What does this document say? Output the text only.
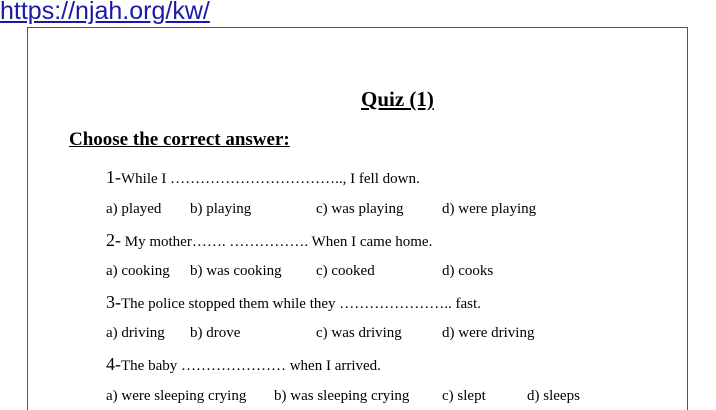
https://njah.org/kw/
Quiz (1)
Choose the correct answer:
1-While I …………………………….., I fell down.
a) played b) playing	c) was playing	d) were playing
2- My mother……. ……………. When I came home.
a) cooking b) was cooking c) cooked	d) cooks
3-The police stopped them while they ………………….. fast.
a) driving b) drove	c) was driving	d) were driving
4-The baby ………………… when I arrived.
a) were sleeping crying b) was sleeping crying c) slept	d) sleeps
